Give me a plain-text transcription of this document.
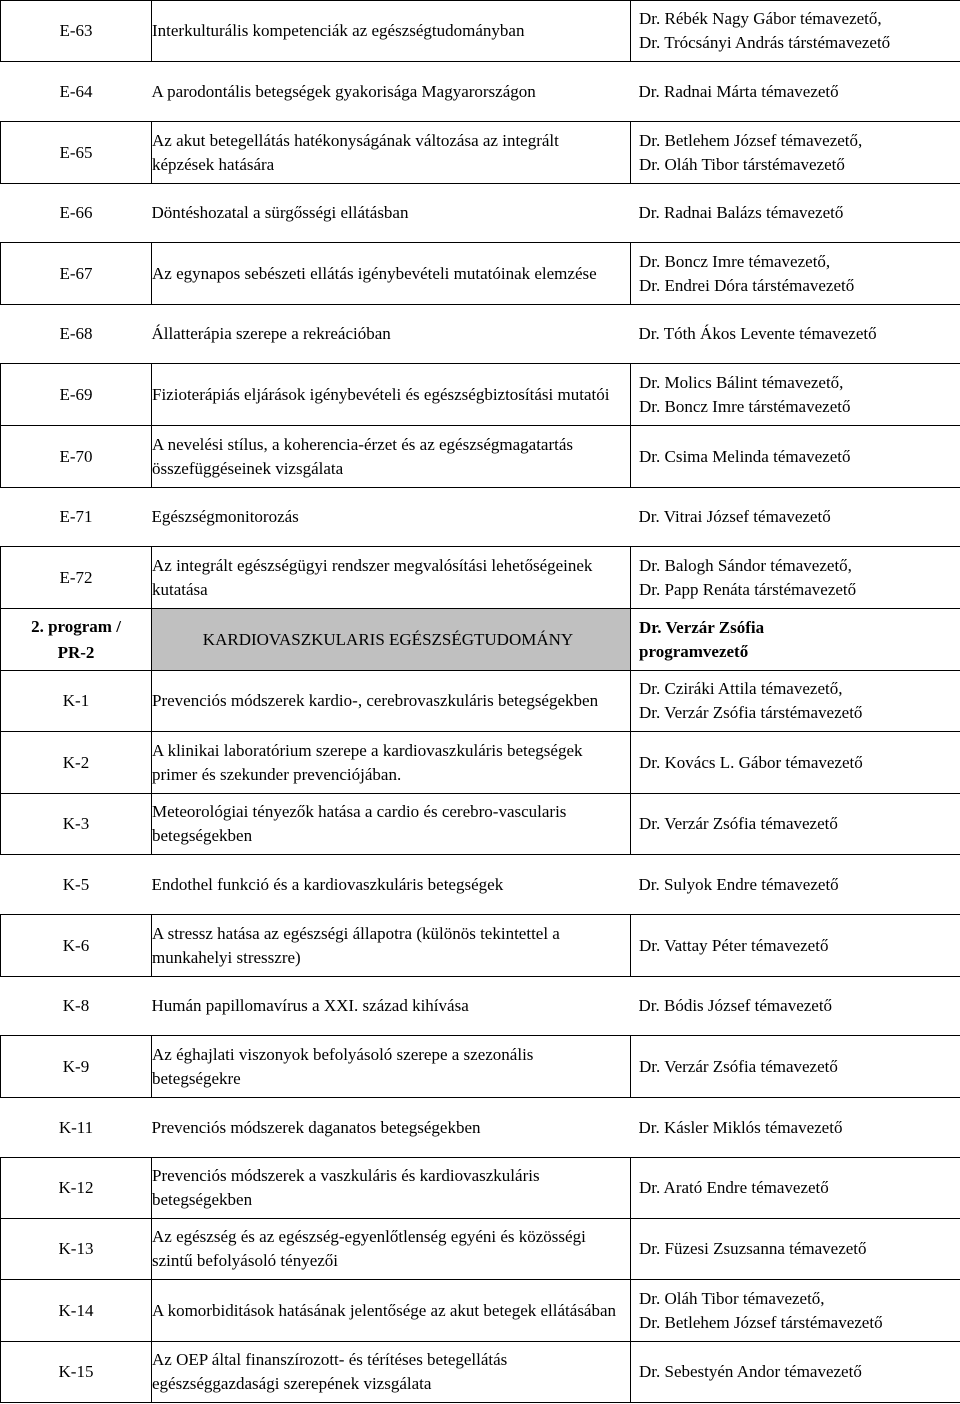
E-63	Interkulturális kompetenciák az egészségtudományban	Dr. Rébék Nagy Gábor témavezető,
Dr. Trócsányi András társtémavezető

E-64	A parodontális betegségek gyakorisága Magyarországon	Dr. Radnai Márta témavezető
E-65	Az akut betegellátás hatékonyságának változása az integrált képzések hatására	Dr. Betlehem József témavezető,
Dr. Oláh Tibor társtémavezető
E-66	Döntéshozatal a sürgősségi ellátásban	Dr. Radnai Balázs témavezető
E-67	Az egynapos sebészeti ellátás igénybevételi mutatóinak elemzése	Dr. Boncz Imre témavezető,
Dr. Endrei Dóra társtémavezető
E-68	Állatterápia szerepe a rekreációban	Dr. Tóth Ákos Levente témavezető
E-69	Fizioterápiás eljárások igénybevételi és egészségbiztosítási mutatói	Dr. Molics Bálint témavezető,
Dr. Boncz Imre társtémavezető
E-70	A nevelési stílus, a koherencia-érzet és az egészségmagatartás összefüggéseinek vizsgálata	Dr. Csima Melinda témavezető
E-71	Egészségmonitorozás	Dr. Vitrai József témavezető
E-72	Az integrált egészségügyi rendszer megvalósítási lehetőségeinek kutatása	Dr. Balogh Sándor témavezető,
Dr. Papp Renáta társtémavezető
2. program /
PR-2	KARDIOVASZKULARIS EGÉSZSÉGTUDOMÁNY	Dr. Verzár Zsófia
programvezető
K-1	Prevenciós módszerek kardio-, cerebrovaszkuláris betegségekben	Dr. Cziráki Attila témavezető,
Dr. Verzár Zsófia társtémavezető
K-2	A klinikai laboratórium szerepe a kardiovaszkuláris betegségek primer és szekunder prevenciójában.	Dr. Kovács L. Gábor témavezető
K-3	Meteorológiai tényezők hatása a cardio és cerebro-vascularis betegségekben	Dr. Verzár Zsófia témavezető
K-5	Endothel funkció és a kardiovaszkuláris betegségek	Dr. Sulyok Endre témavezető
K-6	A stressz hatása az egészségi állapotra (különös tekintettel a munkahelyi stresszre)	Dr. Vattay Péter témavezető
K-8	Humán papillomavírus a XXI. század kihívása	Dr. Bódis József témavezető
K-9	Az éghajlati viszonyok befolyásoló szerepe a szezonális betegségekre	Dr. Verzár Zsófia témavezető
K-11	Prevenciós módszerek daganatos betegségekben	Dr. Kásler Miklós témavezető
K-12	Prevenciós módszerek a vaszkuláris és kardiovaszkuláris betegségekben	Dr. Arató Endre témavezető
K-13	Az egészség és az egészség-egyenlőtlenség egyéni és közösségi szintű befolyásoló tényezői	Dr. Füzesi Zsuzsanna témavezető
K-14	A komorbiditások hatásának jelentősége az akut betegek ellátásában	Dr. Oláh Tibor témavezető,
Dr. Betlehem József társtémavezető
K-15	Az OEP által finanszírozott- és térítéses betegellátás egészséggazdasági szerepének vizsgálata	Dr. Sebestyén Andor témavezető
